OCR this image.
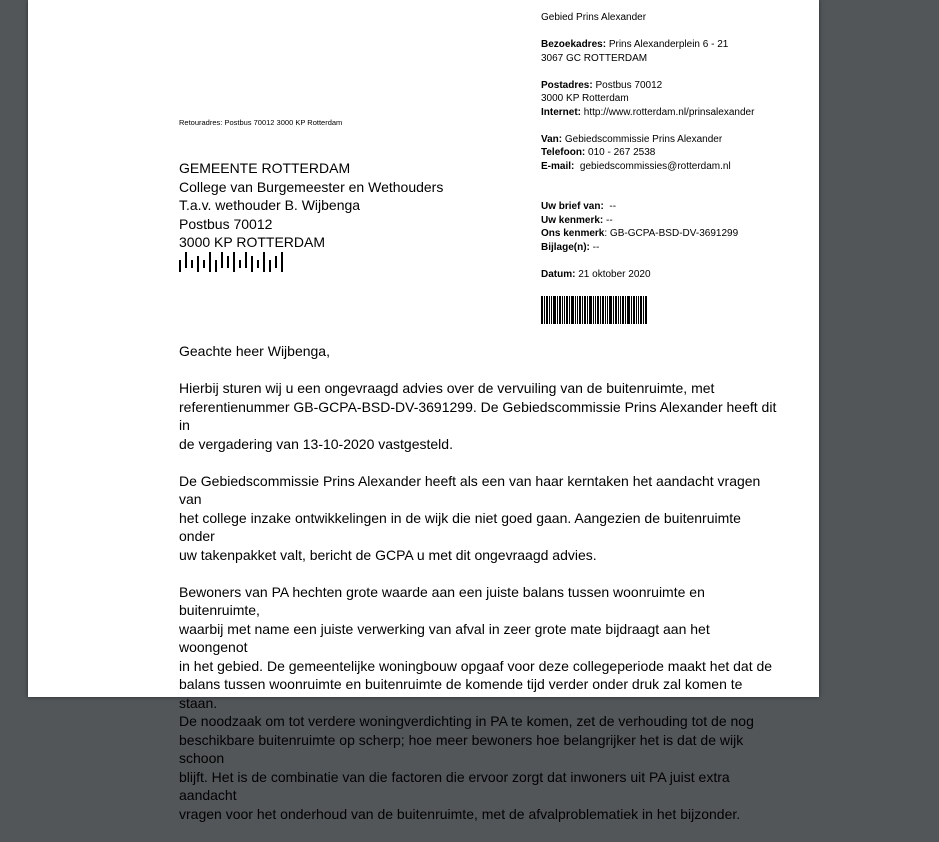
Gebied Prins Alexander
Bezoekadres: Prins Alexanderplein 6 - 21
3067 GC ROTTERDAM
Postadres: Postbus 70012
3000 KP Rotterdam
Internet: http://www.rotterdam.nl/prinsalexander
Van: Gebiedscommissie Prins Alexander
Telefoon: 010 - 267 2538
E-mail: gebiedscommissies@rotterdam.nl
Uw brief van: --
Uw kenmerk: --
Ons kenmerk: GB-GCPA-BSD-DV-3691299
Bijlage(n): --
Datum: 21 oktober 2020
Retouradres: Postbus 70012 3000 KP Rotterdam
GEMEENTE ROTTERDAM
College van Burgemeester en Wethouders
T.a.v. wethouder B. Wijbenga
Postbus 70012
3000 KP ROTTERDAM

Geachte heer Wijbenga,

Hierbij sturen wij u een ongevraagd advies over de vervuiling van de buitenruimte, met
referentienummer GB-GCPA-BSD-DV-3691299. De Gebiedscommissie Prins Alexander heeft dit in
de vergadering van 13-10-2020 vastgesteld.

De Gebiedscommissie Prins Alexander heeft als een van haar kerntaken het aandacht vragen van
het college inzake ontwikkelingen in de wijk die niet goed gaan. Aangezien de buitenruimte onder
uw takenpakket valt, bericht de GCPA u met dit ongevraagd advies.

Bewoners van PA hechten grote waarde aan een juiste balans tussen woonruimte en buitenruimte,
waarbij met name een juiste verwerking van afval in zeer grote mate bijdraagt aan het woongenot
in het gebied. De gemeentelijke woningbouw opgaaf voor deze collegeperiode maakt het dat de
balans tussen woonruimte en buitenruimte de komende tijd verder onder druk zal komen te staan.
De noodzaak om tot verdere woningverdichting in PA te komen, zet de verhouding tot de nog
beschikbare buitenruimte op scherp; hoe meer bewoners hoe belangrijker het is dat de wijk schoon
blijft. Het is de combinatie van die factoren die ervoor zorgt dat inwoners uit PA juist extra aandacht
vragen voor het onderhoud van de buitenruimte, met de afvalproblematiek in het bijzonder.
